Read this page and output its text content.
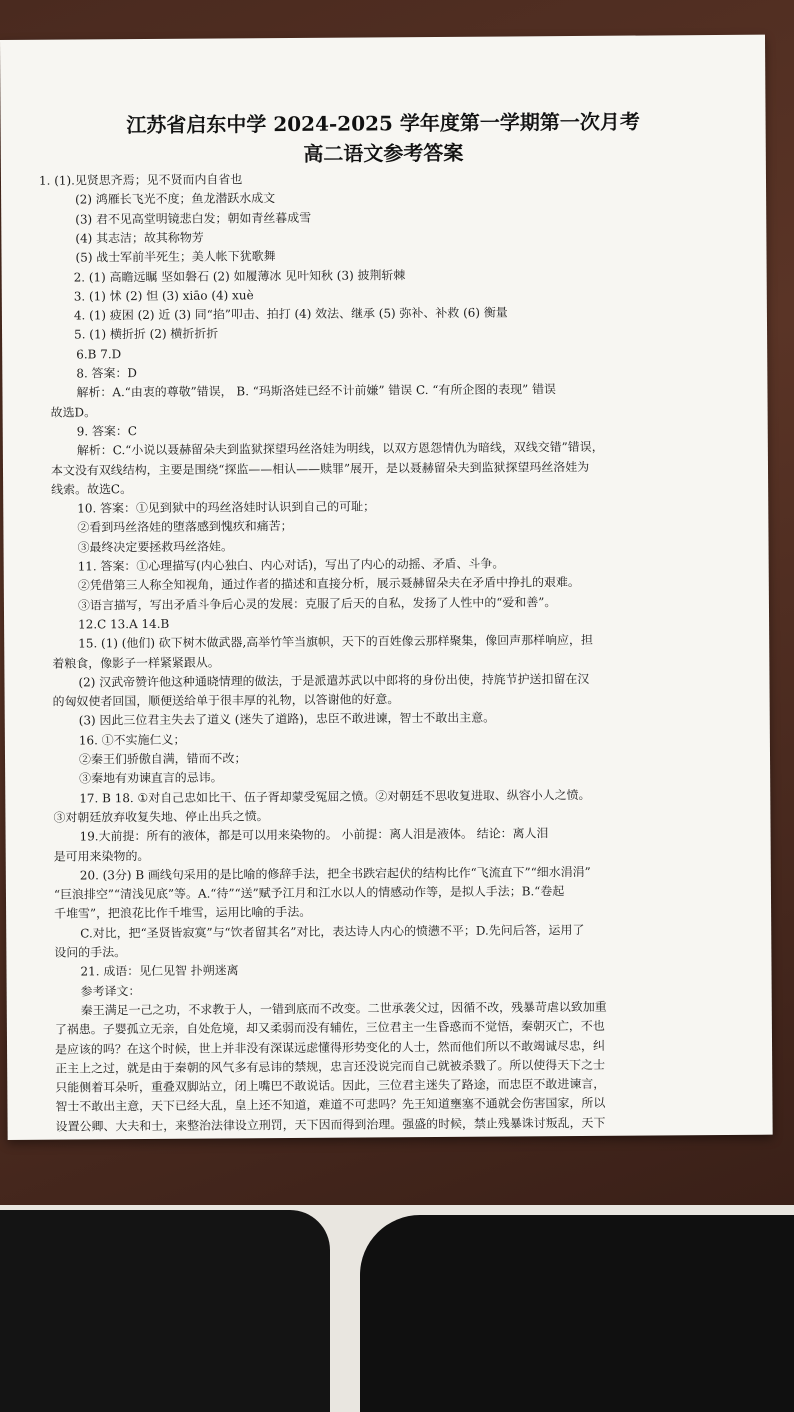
江苏省启东中学 2024-2025 学年度第一学期第一次月考
高二语文参考答案
1. (1).见贤思齐焉；见不贤而内自省也
(2) 鸿雁长飞光不度；鱼龙潜跃水成文
(3) 君不见高堂明镜悲白发；朝如青丝暮成雪
(4) 其志洁；故其称物芳
(5) 战士军前半死生；美人帐下犹歌舞
2. (1) 高瞻远瞩 坚如磐石 (2) 如履薄冰 见叶知秋 (3) 披荆斩棘
3. (1) 怵 (2) 怛 (3) xiāo (4) xuè
4. (1) 疲困 (2) 近 (3) 同“掐”叩击、拍打 (4) 效法、继承 (5) 弥补、补救 (6) 衡量
5. (1) 横折折 (2) 横折折折
6.B 7.D
8. 答案：D
解析：A.“由衷的尊敬”错误， B. “玛斯洛娃已经不计前嫌” 错误 C. “有所企图的表现” 错误
故选D。
9. 答案：C
解析：C.“小说以聂赫留朵夫到监狱探望玛丝洛娃为明线，以双方恩怨情仇为暗线，双线交错”错误，
本文没有双线结构，主要是围绕“探监——相认——赎罪”展开，是以聂赫留朵夫到监狱探望玛丝洛娃为
线索。故选C。
10. 答案：①见到狱中的玛丝洛娃时认识到自己的可耻；
②看到玛丝洛娃的堕落感到愧疚和痛苦；
③最终决定要拯救玛丝洛娃。
11. 答案：①心理描写(内心独白、内心对话)，写出了内心的动摇、矛盾、斗争。
②凭借第三人称全知视角，通过作者的描述和直接分析，展示聂赫留朵夫在矛盾中挣扎的艰难。
③语言描写，写出矛盾斗争后心灵的发展：克服了后天的自私，发扬了人性中的“爱和善”。
12.C 13.A 14.B
15. (1) (他们) 砍下树木做武器,高举竹竿当旗帜，天下的百姓像云那样聚集，像回声那样响应，担
着粮食，像影子一样紧紧跟从。
(2) 汉武帝赞许他这种通晓情理的做法，于是派遣苏武以中郎将的身份出使，持旄节护送扣留在汉
的匈奴使者回国，顺便送给单于很丰厚的礼物，以答谢他的好意。
(3) 因此三位君主失去了道义 (迷失了道路)，忠臣不敢进谏，智士不敢出主意。
16. ①不实施仁义；
②秦王们骄傲自满，错而不改；
③秦地有劝谏直言的忌讳。
17. B 18. ①对自己忠如比干、伍子胥却蒙受冤屈之愤。②对朝廷不思收复进取、纵容小人之愤。
③对朝廷放弃收复失地、停止出兵之愤。
19.大前提：所有的液体，都是可以用来染物的。 小前提：离人泪是液体。 结论：离人泪
是可用来染物的。
20. (3分) B 画线句采用的是比喻的修辞手法，把全书跌宕起伏的结构比作“飞流直下”“细水涓涓”
“巨浪排空”“清浅见底”等。A.“待”“送”赋予江月和江水以人的情感动作等，是拟人手法；B.“卷起
千堆雪”，把浪花比作千堆雪，运用比喻的手法。
C.对比，把“圣贤皆寂寞”与“饮者留其名”对比，表达诗人内心的愤懑不平；D.先问后答，运用了
设问的手法。
21. 成语：见仁见智 扑朔迷离
参考译文：
秦王满足一己之功，不求教于人，一错到底而不改变。二世承袭父过，因循不改，残暴苛虐以致加重
了祸患。子婴孤立无亲，自处危境，却又柔弱而没有辅佐，三位君主一生昏惑而不觉悟，秦朝灭亡，不也
是应该的吗？在这个时候，世上并非没有深谋远虑懂得形势变化的人士，然而他们所以不敢竭诚尽忠，纠
正主上之过，就是由于秦朝的风气多有忌讳的禁规，忠言还没说完而自己就被杀戮了。所以使得天下之士
只能侧着耳朵听，重叠双脚站立，闭上嘴巴不敢说话。因此，三位君主迷失了路途，而忠臣不敢进谏言，
智士不敢出主意，天下已经大乱，皇上还不知道，难道不可悲吗？先王知道壅塞不通就会伤害国家，所以
设置公卿、大夫和士，来整治法律设立刑罚，天下因而得到治理。强盛的时候，禁止残暴诛讨叛乱，天下
